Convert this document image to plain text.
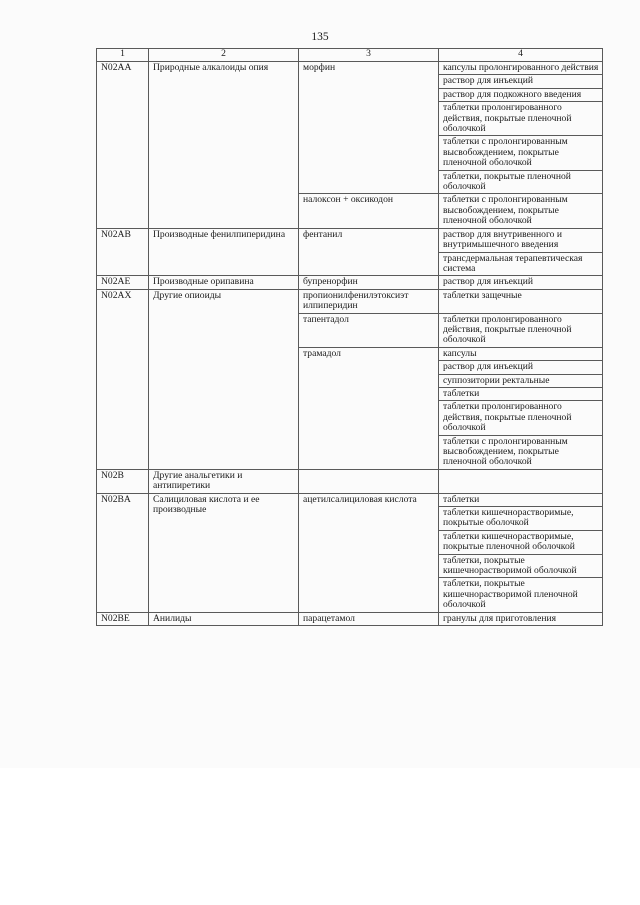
135
1	2	3	4
N02AA	Природные алкалоиды опия	морфин	капсулы пролонгированного действия
			раствор для инъекций
			раствор для подкожного введения
			таблетки пролонгированного действия, покрытые пленочной оболочкой
			таблетки с пролонгированным высвобождением, покрытые пленочной оболочкой
			таблетки, покрытые пленочной оболочкой
		налоксон + оксикодон	таблетки с пролонгированным высвобождением, покрытые пленочной оболочкой
N02AB	Производные фенилпиперидина	фентанил	раствор для внутривенного и внутримышечного введения
			трансдермальная терапевтическая система
N02AE	Производные орипавина	бупренорфин	раствор для инъекций
N02AX	Другие опиоиды	пропионилфенилэтоксиэт илпиперидин	таблетки защечные
		тапентадол	таблетки пролонгированного действия, покрытые пленочной оболочкой
		трамадол	капсулы
			раствор для инъекций
			суппозитории ректальные
			таблетки
			таблетки пролонгированного действия, покрытые пленочной оболочкой
			таблетки с пролонгированным высвобождением, покрытые пленочной оболочкой
N02B	Другие анальгетики и антипиретики		
N02BA	Салициловая кислота и ее производные	ацетилсалициловая кислота	таблетки
			таблетки кишечнорастворимые, покрытые оболочкой
			таблетки кишечнорастворимые, покрытые пленочной оболочкой
			таблетки, покрытые кишечнорастворимой оболочкой
			таблетки, покрытые кишечнорастворимой пленочной оболочкой
N02BE	Анилиды	парацетамол	гранулы для приготовления
